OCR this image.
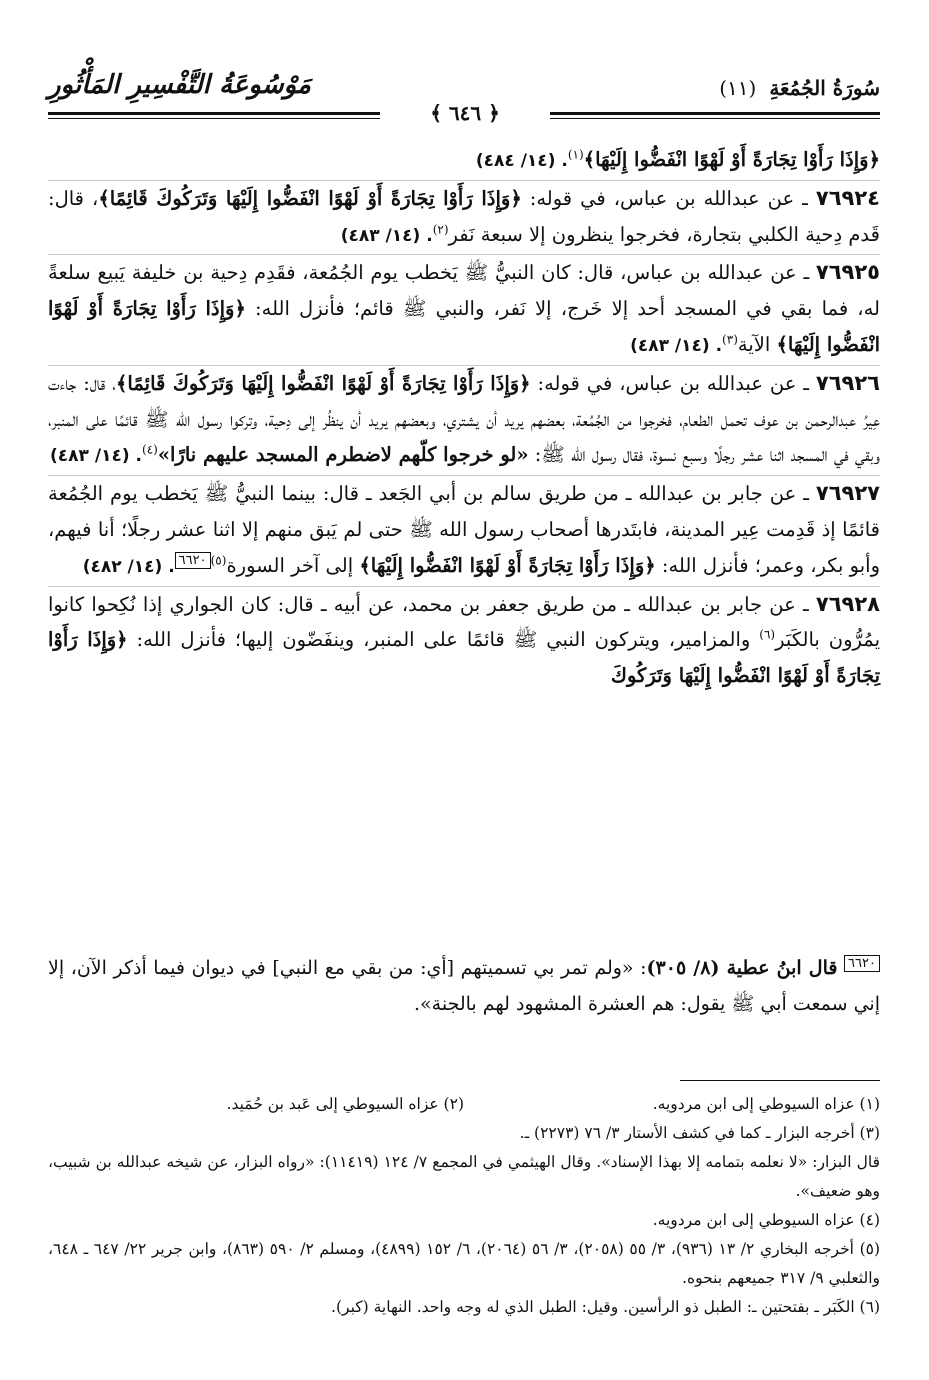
سُورَةُ الجُمُعَةِ (١١)
مَوْسُوعَةُ التَّفْسِيرِ المَأْثُورِ
﴿ ٦٤٦ ﴾

﴿وَإِذَا رَأَوْا تِجَارَةً أَوْ لَهْوًا انْفَضُّوا إِلَيْهَا﴾$^{(١)}$. (١٤/ ٤٨٤)

٧٦٩٢٤ ـ عن عبدالله بن عباس، في قوله: ﴿وَإِذَا رَأَوْا تِجَارَةً أَوْ لَهْوًا انْفَضُّوا إِلَيْهَا وَتَرَكُوكَ قَائِمًا﴾، قال: قَدم دِحية الكلبي بتجارة، فخرجوا ينظرون إلا سبعة نَفر$^{(٢)}$. (١٤/ ٤٨٣)

٧٦٩٢٥ ـ عن عبدالله بن عباس، قال: كان النبيُّ ﷺ يَخطب يوم الجُمُعة، فقَدِم دِحية بن خليفة يَبيع سلعةً له، فما بقي في المسجد أحد إلا خَرج، إلا نَفر، والنبي ﷺ قائم؛ فأنزل الله: ﴿وَإِذَا رَأَوْا تِجَارَةً أَوْ لَهْوًا انْفَضُّوا إِلَيْهَا﴾ الآية$^{(٣)}$. (١٤/ ٤٨٣)

٧٦٩٢٦ ـ عن عبدالله بن عباس، في قوله: ﴿وَإِذَا رَأَوْا تِجَارَةً أَوْ لَهْوًا انْفَضُّوا إِلَيْهَا وَتَرَكُوكَ قَائِمًا﴾، قال: جاءت عِيرُ عبدالرحمن بن عوف تحمل الطعام، فخرجوا من الجُمُعة، بعضهم يريد أن يشتري، وبعضهم يريد أن ينظُر إلى دِحية، وتركوا رسول الله ﷺ قائمًا على المنبر، وبقي في المسجد اثنا عشر رجلًا وسبع نسوة، فقال رسول الله ﷺ: «لو خرجوا كلّهم لاضطرم المسجد عليهم نارًا»$^{(٤)}$. (١٤/ ٤٨٣)

٧٦٩٢٧ ـ عن جابر بن عبدالله ـ من طريق سالم بن أبي الجَعد ـ قال: بينما النبيُّ ﷺ يَخطب يوم الجُمُعة قائمًا إذ قَدِمت عِير المدينة، فابتَدرها أصحاب رسول الله ﷺ حتى لم يَبق منهم إلا اثنا عشر رجلًا؛ أنا فيهم، وأبو بكر، وعمر؛ فأنزل الله: ﴿وَإِذَا رَأَوْا تِجَارَةً أَوْ لَهْوًا انْفَضُّوا إِلَيْهَا﴾ إلى آخر السورة$^{(٥)}$٦٦٢٠. (١٤/ ٤٨٢)

٧٦٩٢٨ ـ عن جابر بن عبدالله ـ من طريق جعفر بن محمد، عن أبيه ـ قال: كان الجواري إذا نُكِحوا كانوا يمُرُّون بالكَبَر$^{(٦)}$ والمزامير، ويتركون النبي ﷺ قائمًا على المنبر، وينفَضّون إليها؛ فأنزل الله: ﴿وَإِذَا رَأَوْا تِجَارَةً أَوْ لَهْوًا انْفَضُّوا إِلَيْهَا وَتَرَكُوكَ

٦٦٢٠ قال ابنُ عطية (٨/ ٣٠٥): «ولم تمر بي تسميتهم [أي: من بقي مع النبي] في ديوان فيما أذكر الآن، إلا إني سمعت أبي ﷺ يقول: هم العشرة المشهود لهم بالجنة».

(١) عزاه السيوطي إلى ابن مردويه.

(٢) عزاه السيوطي إلى عَبد بن حُمَيد.

(٣) أخرجه البزار ـ كما في كشف الأستار ٣/ ٧٦ (٢٢٧٣) ـ.

قال البزار: «لا نعلمه بتمامه إلا بهذا الإسناد». وقال الهيثمي في المجمع ٧/ ١٢٤ (١١٤١٩): «رواه البزار، عن شيخه عبدالله بن شبيب، وهو ضعيف».

(٤) عزاه السيوطي إلى ابن مردويه.

(٥) أخرجه البخاري ٢/ ١٣ (٩٣٦)، ٣/ ٥٥ (٢٠٥٨)، ٣/ ٥٦ (٢٠٦٤)، ٦/ ١٥٢ (٤٨٩٩)، ومسلم ٢/ ٥٩٠ (٨٦٣)، وابن جرير ٢٢/ ٦٤٧ ـ ٦٤٨، والثعلبي ٩/ ٣١٧ جميعهم بنحوه.

(٦) الكَبَر ـ بفتحتين ـ: الطبل ذو الرأسين. وقيل: الطبل الذي له وجه واحد. النهاية (كبر).
